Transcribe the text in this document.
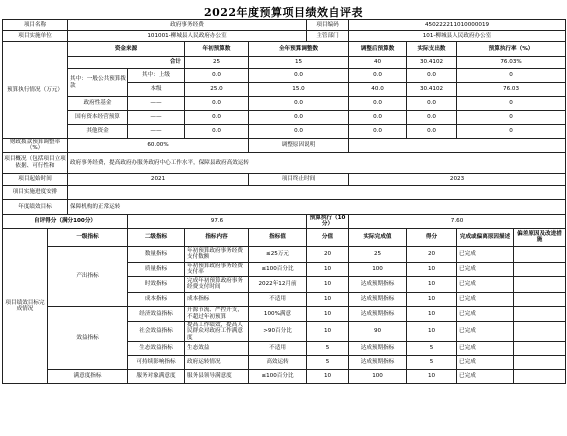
2022年度预算项目绩效自评表
项目名称		政府事务经费				项目编码	450222211010000019			
项目实施单位		101001-柳城县人民政府办公室				主管部门	101-柳城县人民政府办公室			
预算执行情况（万元）		资金来源		年初预算数	全年预算调整数		调整后预算数	实际支出数	预算执行率（%）	
		合计		25	15		40	30.4102	76.03%	
		其中：一般公共预算拨款	其中：上级	0.0	0.0		0.0	0.0	0	
			本级	25.0	15.0		40.0	30.4102	76.03	
		政府性基金	——	0.0	0.0		0.0	0.0	0	
		国有资本经营预算	——	0.0	0.0		0.0	0.0	0	
		其他资金	——	0.0	0.0		0.0	0.0	0	
财政拨款预算调整率（%）		60.00%			调整原因说明					
项目概况（包括项目立项依据、可行性和		政府事务经费，提高政府办服务政府中心工作水平，保障县政府高效运转								
项目起始时间		2021			项目终止时间		2023			
项目实施进度安排										
年度绩效目标		保障机构的正常运转								
自评得分（满分100分）			97.6			预算执行（10分）	7.60			
项目绩效目标完成情况	一级指标		二级指标	指标内容	指标值	分值	实际完成值	得分	完成或偏离原因描述	偏差原因及改进措施
	产出指标		数量指标	年初预算政府事务经费支付数额	≤25万元	20	25	20	已完成	
			质量指标	年初预算政府事务经费支付率	≤100百分比	10	100	10	已完成	
			时效指标	完成年初预算政府事务经费支付时间	2022年12月前	10	达成预期指标	10	已完成	
			成本指标	成本指标	不适用	10	达成预期指标	10	已完成	
	效益指标		经济效益指标	开源节流、严控开支，不超过年初预算	100%满意	10	达成预期指标	10	已完成	
			社会效益指标	提高工作绩效，提高人民群众对政府工作满意度	>90百分比	10	90	10	已完成	
			生态效益指标	生态效益	不适用	5	达成预期指标	5	已完成	
			可持续影响指标	政府运转情况	高效运转	5	达成预期指标	5	已完成	
	满意度指标		服务对象满意度	服务县领导满意度	≤100百分比	10	100	10	已完成	
